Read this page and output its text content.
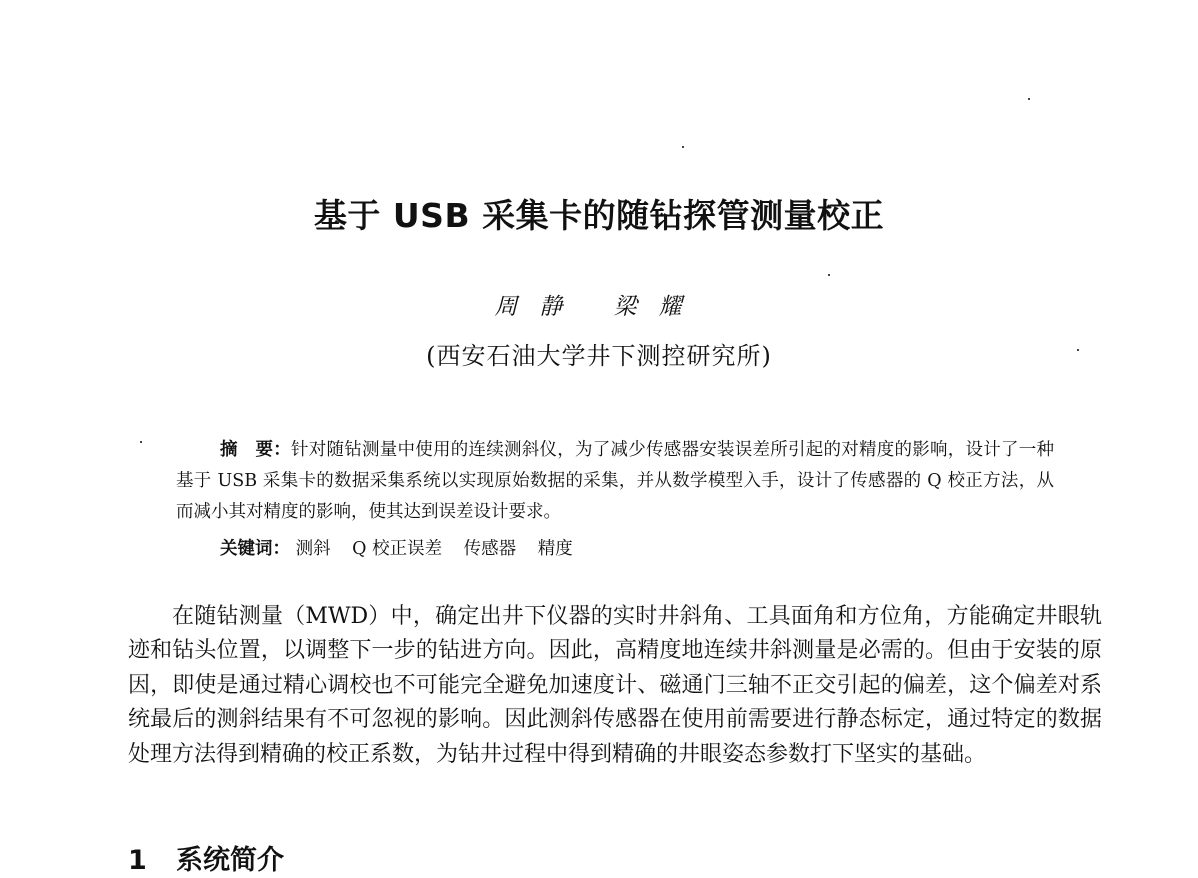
基于 USB 采集卡的随钻探管测量校正
周静 梁耀
(西安石油大学井下测控研究所)
摘　要：针对随钻测量中使用的连续测斜仪，为了减少传感器安装误差所引起的对精度的影响，设计了一种基于 USB 采集卡的数据采集系统以实现原始数据的采集，并从数学模型入手，设计了传感器的 Q 校正方法，从而减小其对精度的影响，使其达到误差设计要求。
关键词： 测斜 Q 校正误差 传感器 精度
在随钻测量（MWD）中，确定出井下仪器的实时井斜角、工具面角和方位角，方能确定井眼轨迹和钻头位置，以调整下一步的钻进方向。因此，高精度地连续井斜测量是必需的。但由于安装的原因，即使是通过精心调校也不可能完全避免加速度计、磁通门三轴不正交引起的偏差，这个偏差对系统最后的测斜结果有不可忽视的影响。因此测斜传感器在使用前需要进行静态标定，通过特定的数据处理方法得到精确的校正系数，为钻井过程中得到精确的井眼姿态参数打下坚实的基础。
1 系统简介
